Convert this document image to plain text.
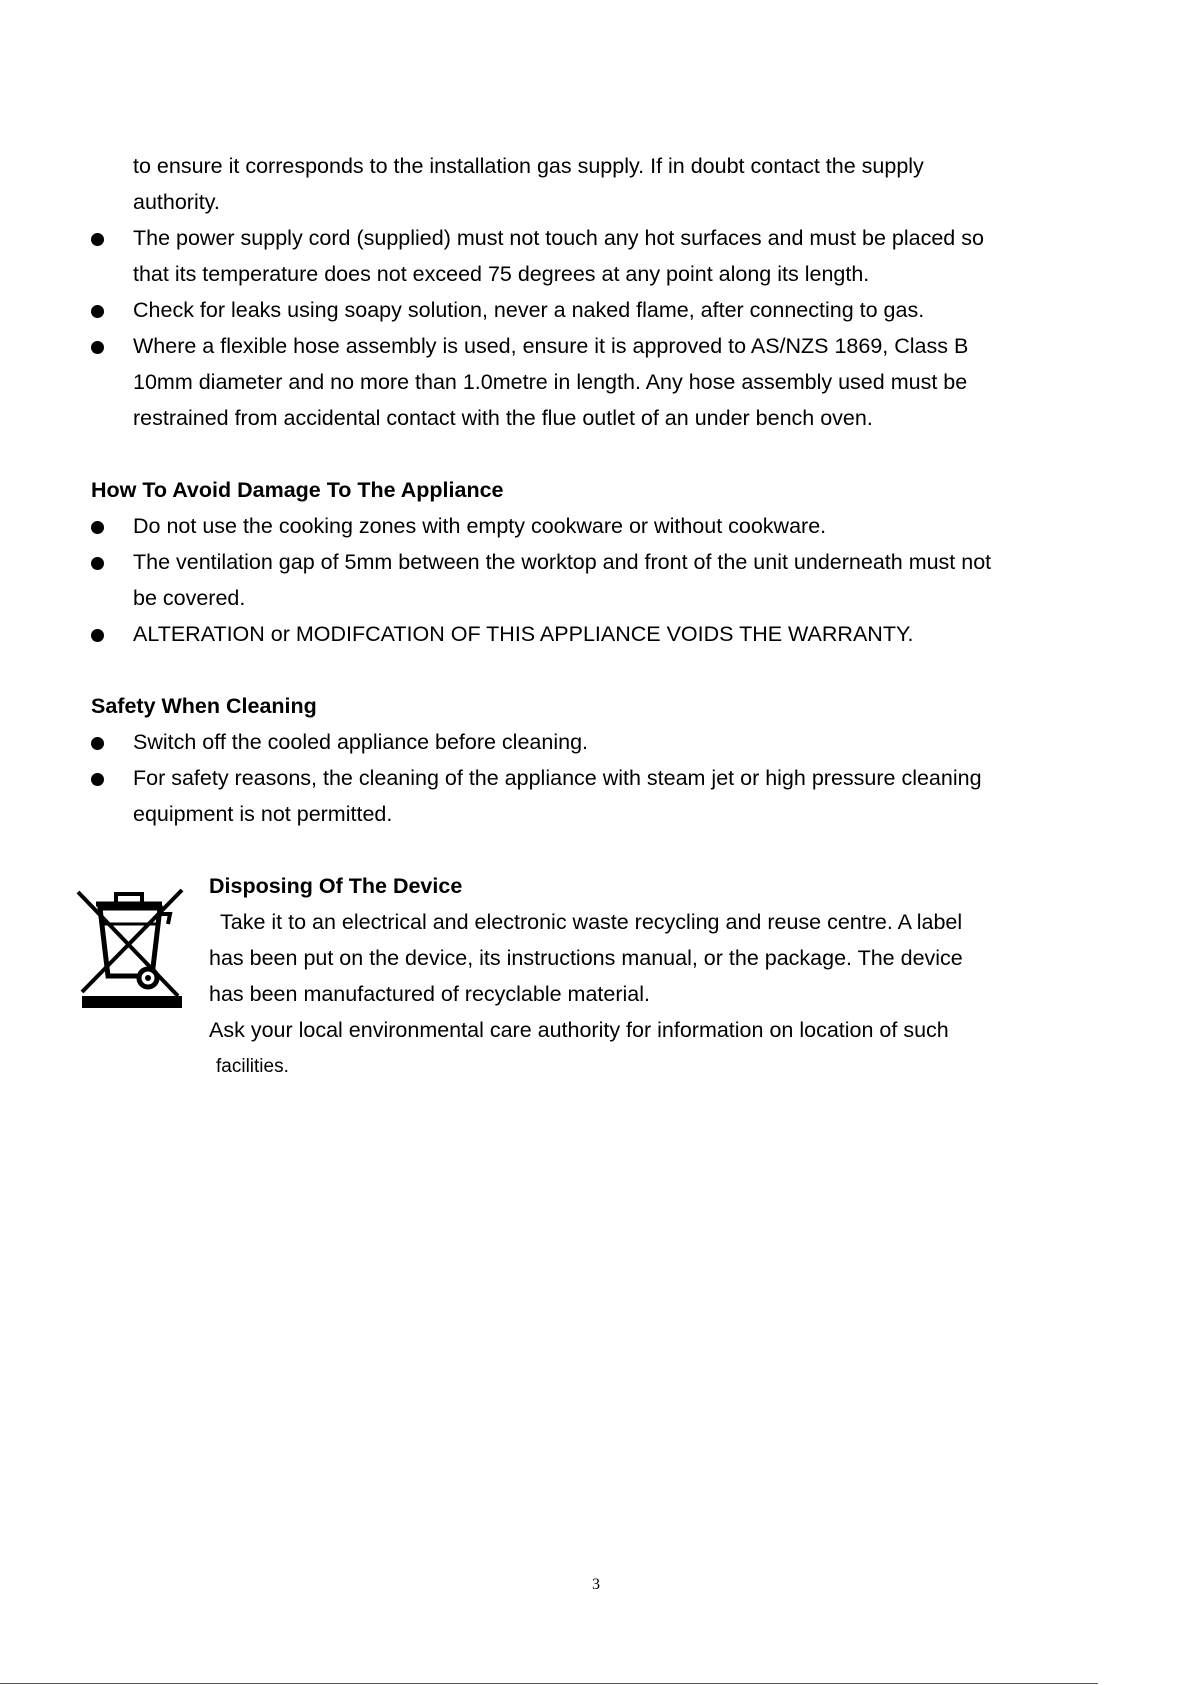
to ensure it corresponds to the installation gas supply. If in doubt contact the supply
authority.
The power supply cord (supplied) must not touch any hot surfaces and must be placed so
that its temperature does not exceed 75 degrees at any point along its length.
Check for leaks using soapy solution, never a naked flame, after connecting to gas.
Where a flexible hose assembly is used, ensure it is approved to AS/NZS 1869, Class B
10mm diameter and no more than 1.0metre in length. Any hose assembly used must be
restrained from accidental contact with the flue outlet of an under bench oven.
How To Avoid Damage To The Appliance
Do not use the cooking zones with empty cookware or without cookware.
The ventilation gap of 5mm between the worktop and front of the unit underneath must not
be covered.
ALTERATION or MODIFCATION OF THIS APPLIANCE VOIDS THE WARRANTY.
Safety When Cleaning
Switch off the cooled appliance before cleaning.
For safety reasons, the cleaning of the appliance with steam jet or high pressure cleaning
equipment is not permitted.
Disposing Of The Device
Take it to an electrical and electronic waste recycling and reuse centre. A label
has been put on the device, its instructions manual, or the package. The device
has been manufactured of recyclable material.
Ask your local environmental care authority for information on location of such
facilities.
3
